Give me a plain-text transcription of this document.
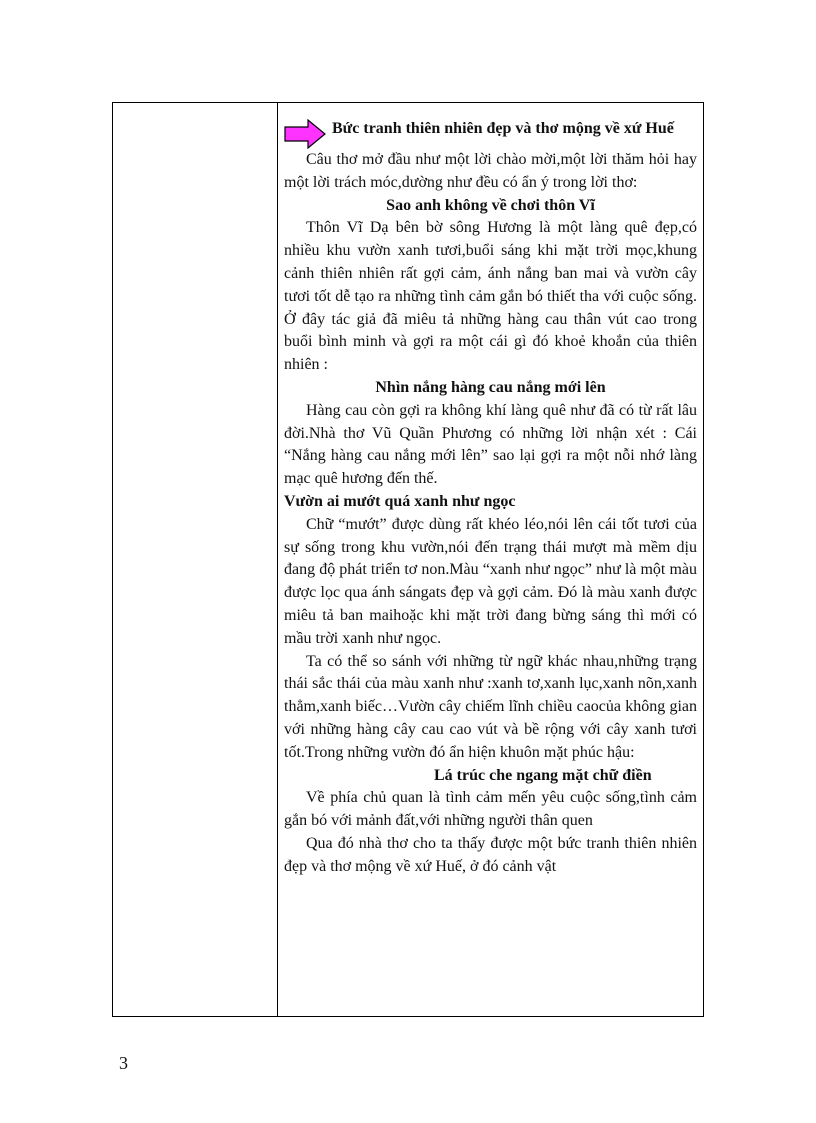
Bức tranh thiên nhiên đẹp và thơ mộng về xứ Huế

Câu thơ mở đầu như một lời chào mời,một lời thăm hỏi hay một lời trách móc,dường như đều có ẩn ý trong lời thơ:

Sao anh không về chơi thôn Vĩ

Thôn Vĩ Dạ bên bờ sông Hương là một làng quê đẹp,có nhiều khu vườn xanh tươi,buổi sáng khi mặt trời mọc,khung cảnh thiên nhiên rất gợi cảm, ánh nắng ban mai và vườn cây tươi tốt dễ tạo ra những tình cảm gắn bó thiết tha với cuộc sống. Ở đây tác giả đã miêu tả những hàng cau thân vút cao trong buổi bình minh và gợi ra một cái gì đó khoẻ khoắn của thiên nhiên :

Nhìn nắng hàng cau nắng mới lên

Hàng cau còn gợi ra không khí làng quê như đã có từ rất lâu đời.Nhà thơ Vũ Quần Phương có những lời nhận xét : Cái “Nắng hàng cau nắng mới lên” sao lại gợi ra một nỗi nhớ làng mạc quê hương đến thế.

Vườn ai mướt quá xanh như ngọc

Chữ “mướt” được dùng rất khéo léo,nói lên cái tốt tươi của sự sống trong khu vườn,nói đến trạng thái mượt mà mềm dịu đang độ phát triển tơ non.Màu “xanh như ngọc” như là một màu được lọc qua ánh sángats đẹp và gợi cảm. Đó là màu xanh được miêu tả ban maihoặc khi mặt trời đang bừng sáng thì mới có mầu trời xanh như ngọc.

Ta có thể so sánh với những từ ngữ khác nhau,những trạng thái sắc thái của màu xanh như :xanh tơ,xanh lục,xanh nõn,xanh thẳm,xanh biếc…Vườn cây chiếm lĩnh chiều caocủa không gian với những hàng cây cau cao vút và bề rộng với cây xanh tươi tốt.Trong những vườn đó ẩn hiện khuôn mặt phúc hậu:

Lá trúc che ngang mặt chữ điền

Về phía chủ quan là tình cảm mến yêu cuộc sống,tình cảm gắn bó với mảnh đất,với những người thân quen

Qua đó nhà thơ cho ta thấy được một bức tranh thiên nhiên đẹp và thơ mộng về xứ Huế, ở đó cảnh vật

3
